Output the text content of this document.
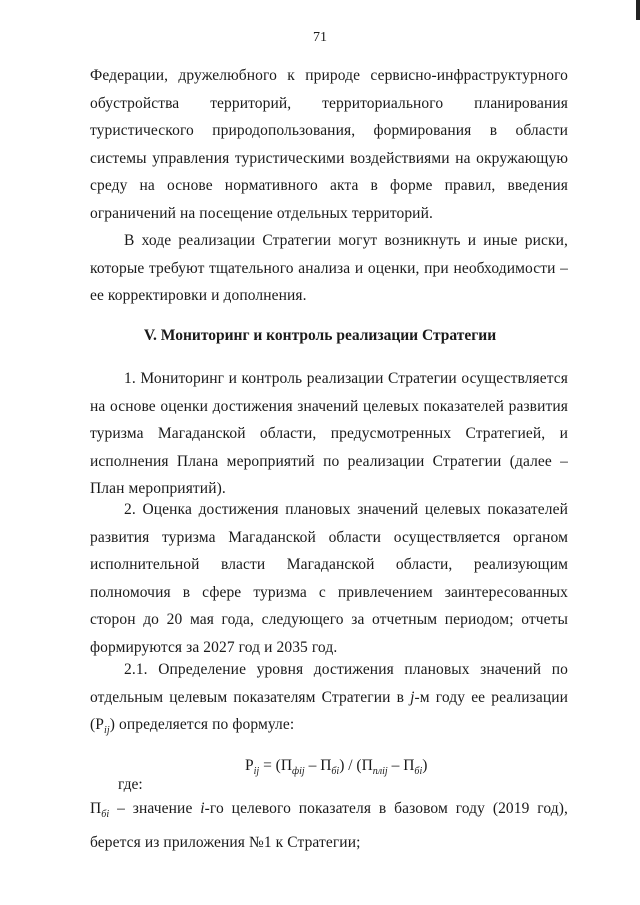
71

Федерации, дружелюбного к природе сервисно-инфраструктурного обустройства территорий, территориального планирования туристического природопользования, формирования в области системы управления туристическими воздействиями на окружающую среду на основе нормативного акта в форме правил, введения ограничений на посещение отдельных территорий.

В ходе реализации Стратегии могут возникнуть и иные риски, которые требуют тщательного анализа и оценки, при необходимости – ее корректировки и дополнения.

V. Мониторинг и контроль реализации Стратегии

1. Мониторинг и контроль реализации Стратегии осуществляется на основе оценки достижения значений целевых показателей развития туризма Магаданской области, предусмотренных Стратегией, и исполнения Плана мероприятий по реализации Стратегии (далее – План мероприятий).

2. Оценка достижения плановых значений целевых показателей развития туризма Магаданской области осуществляется органом исполнительной власти Магаданской области, реализующим полномочия в сфере туризма с привлечением заинтересованных сторон до 20 мая года, следующего за отчетным периодом; отчеты формируются за 2027 год и 2035 год.

2.1. Определение уровня достижения плановых значений по отдельным целевым показателям Стратегии в j-м году ее реализации $(Р_{ij})$ определяется по формуле:

$Р_{ij} = (П_{фij} - П_{бi}) / (П_{плij} - П_{бi})$
где:

$П_{бi}$ – значение i-го целевого показателя в базовом году (2019 год), берется из приложения №1 к Стратегии;
